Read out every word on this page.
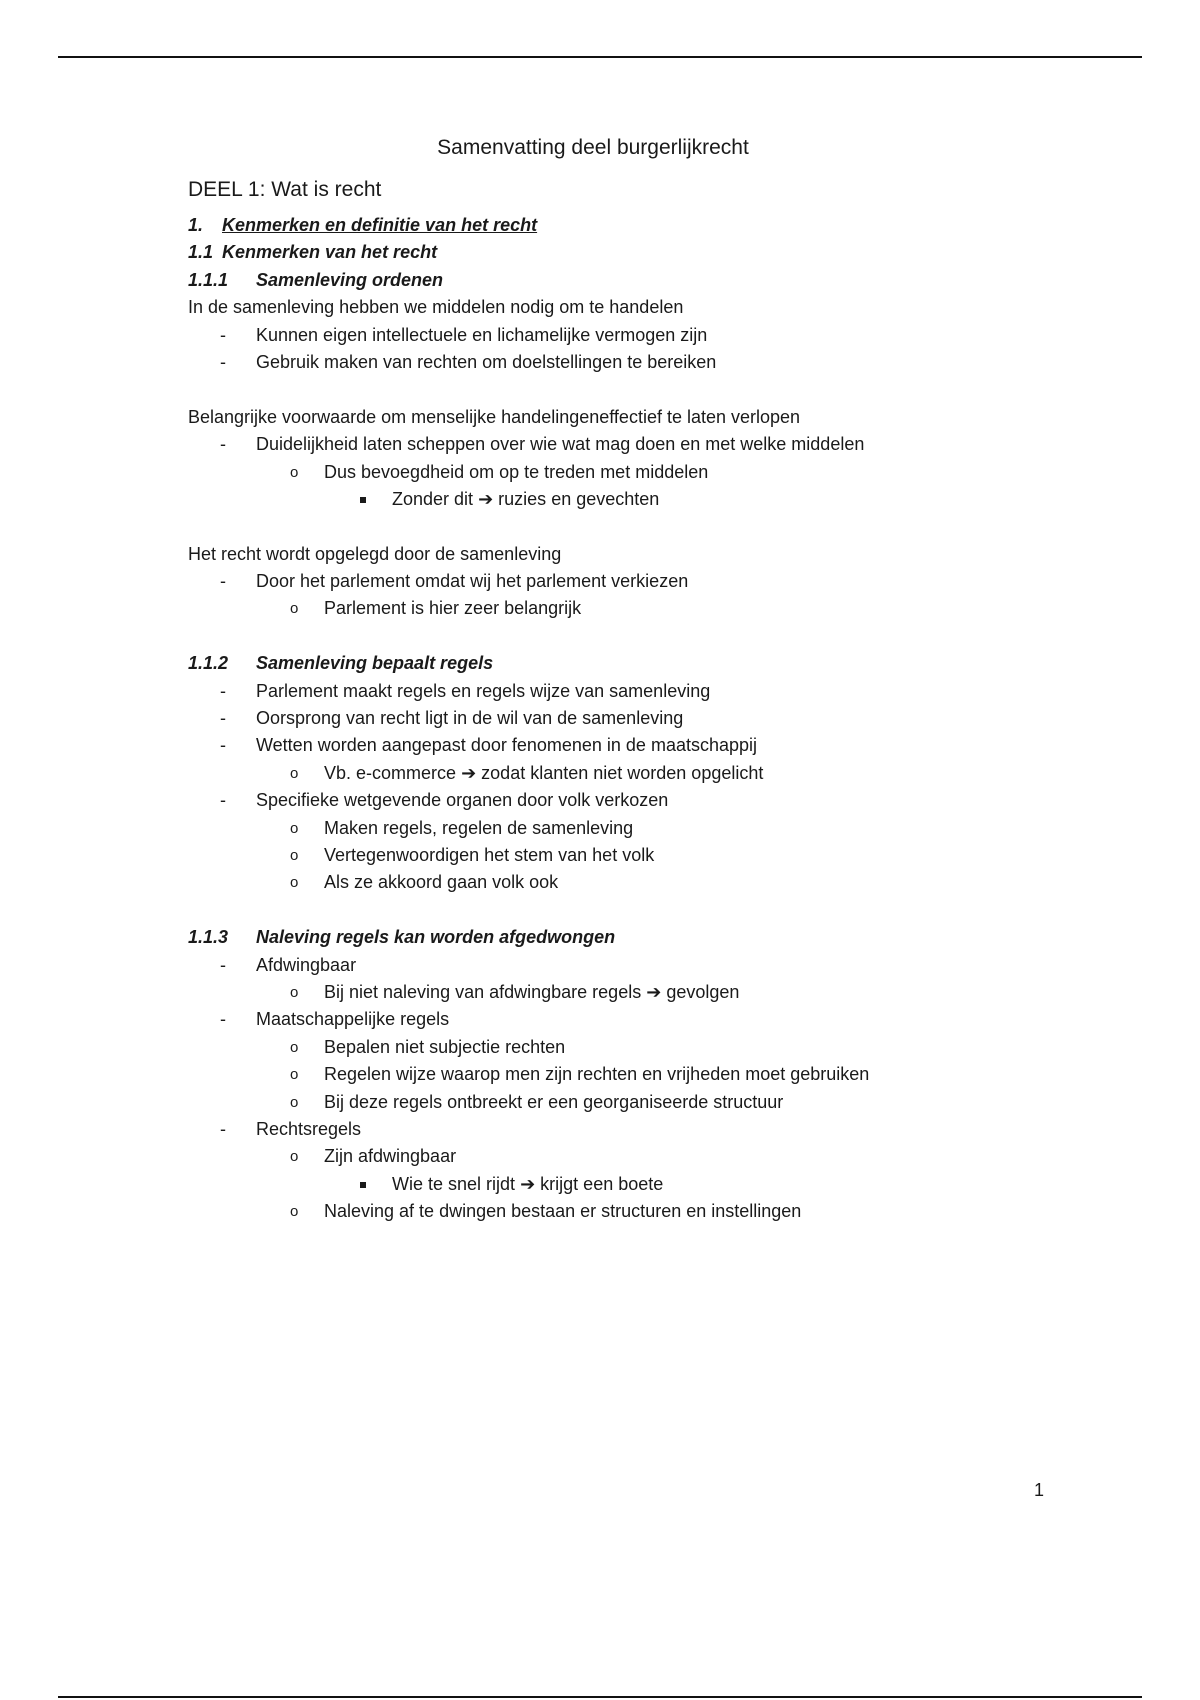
Samenvatting deel burgerlijkrecht
DEEL 1: Wat is recht
1. Kenmerken en definitie van het recht
1.1 Kenmerken van het recht
1.1.1 Samenleving ordenen
In de samenleving hebben we middelen nodig om te handelen
- Kunnen eigen intellectuele en lichamelijke vermogen zijn
- Gebruik maken van rechten om doelstellingen te bereiken
Belangrijke voorwaarde om menselijke handelingeneffectief te laten verlopen
- Duidelijkheid laten scheppen over wie wat mag doen en met welke middelen
o Dus bevoegdheid om op te treden met middelen
Zonder dit ➔ ruzies en gevechten
Het recht wordt opgelegd door de samenleving
- Door het parlement omdat wij het parlement verkiezen
o Parlement is hier zeer belangrijk
1.1.2 Samenleving bepaalt regels
- Parlement maakt regels en regels wijze van samenleving
- Oorsprong van recht ligt in de wil van de samenleving
- Wetten worden aangepast door fenomenen in de maatschappij
o Vb. e-commerce ➔ zodat klanten niet worden opgelicht
- Specifieke wetgevende organen door volk verkozen
o Maken regels, regelen de samenleving
o Vertegenwoordigen het stem van het volk
o Als ze akkoord gaan volk ook
1.1.3 Naleving regels kan worden afgedwongen
- Afdwingbaar
o Bij niet naleving van afdwingbare regels ➔ gevolgen
- Maatschappelijke regels
o Bepalen niet subjectie rechten
o Regelen wijze waarop men zijn rechten en vrijheden moet gebruiken
o Bij deze regels ontbreekt er een georganiseerde structuur
- Rechtsregels
o Zijn afdwingbaar
Wie te snel rijdt ➔ krijgt een boete
o Naleving af te dwingen bestaan er structuren en instellingen
1
